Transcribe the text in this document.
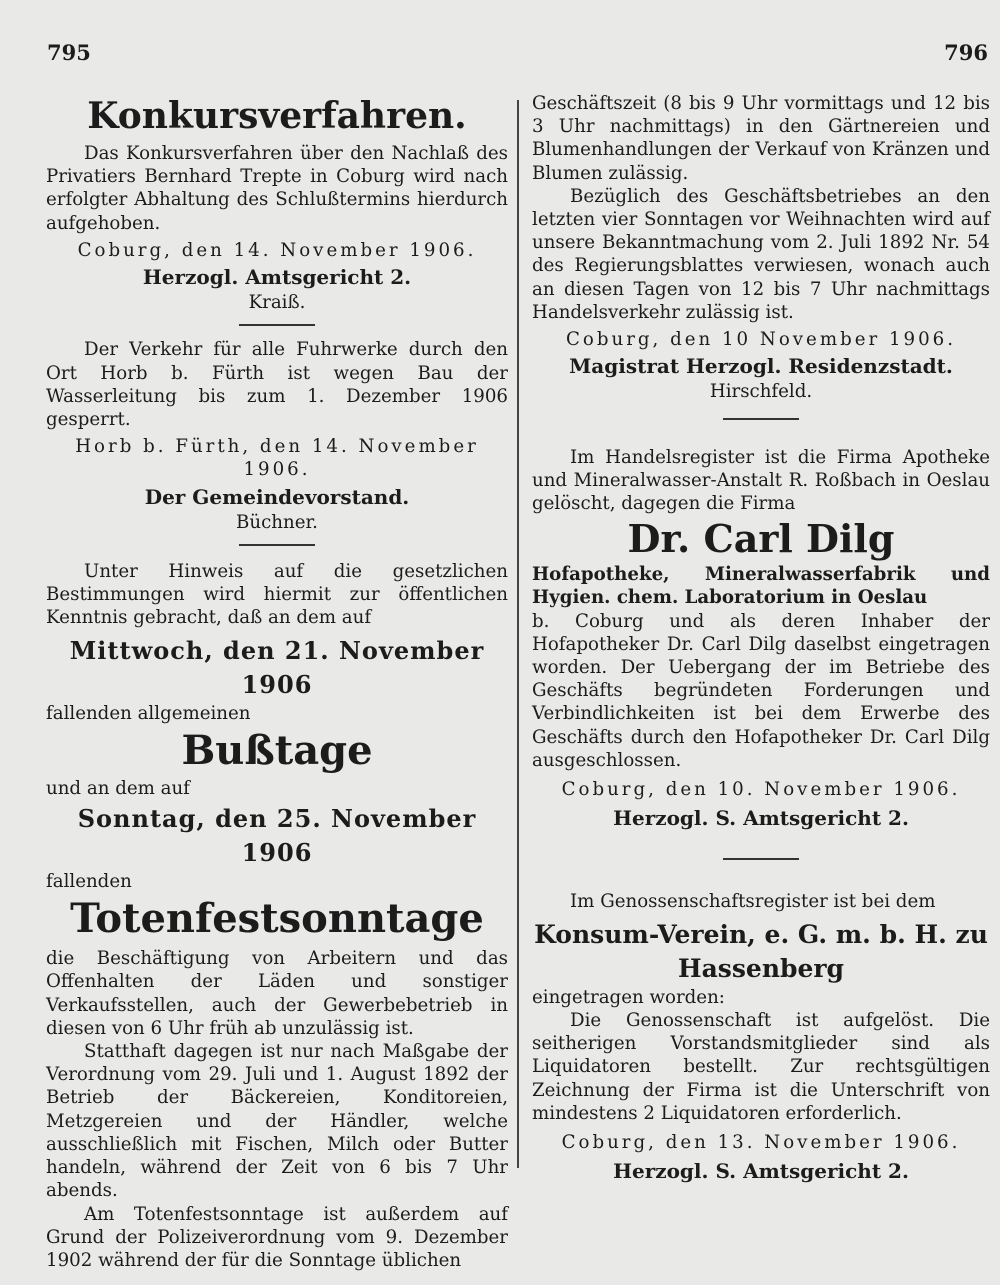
795	796
Konkursverfahren.

Das Konkursverfahren über den Nachlaß des Privatiers Bernhard Trepte in Coburg wird nach erfolgter Abhaltung des Schlußtermins hierdurch aufgehoben.

Coburg, den 14. November 1906.

Herzogl. Amtsgericht 2.

Kraiß.

Der Verkehr für alle Fuhrwerke durch den Ort Horb b. Fürth ist wegen Bau der Wasserleitung bis zum 1. Dezember 1906 gesperrt.

Horb b. Fürth, den 14. November 1906.

Der Gemeindevorstand.

Büchner.

Unter Hinweis auf die gesetzlichen Bestimmungen wird hiermit zur öffentlichen Kenntnis gebracht, daß an dem auf

Mittwoch, den 21. November 1906

fallenden allgemeinen

Bußtage

und an dem auf

Sonntag, den 25. November 1906

fallenden

Totenfestsonntage

die Beschäftigung von Arbeitern und das Offenhalten der Läden und sonstiger Verkaufsstellen, auch der Gewerbebetrieb in diesen von 6 Uhr früh ab unzulässig ist.

Statthaft dagegen ist nur nach Maßgabe der Verordnung vom 29. Juli und 1. August 1892 der Betrieb der Bäckereien, Konditoreien, Metzgereien und der Händler, welche ausschließlich mit Fischen, Milch oder Butter handeln, während der Zeit von 6 bis 7 Uhr abends.

Am Totenfestsonntage ist außerdem auf Grund der Polizeiverordnung vom 9. Dezember 1902 während der für die Sonntage üblichen

Geschäftszeit (8 bis 9 Uhr vormittags und 12 bis 3 Uhr nachmittags) in den Gärtnereien und Blumenhandlungen der Verkauf von Kränzen und Blumen zulässig.

Bezüglich des Geschäftsbetriebes an den letzten vier Sonntagen vor Weihnachten wird auf unsere Bekanntmachung vom 2. Juli 1892 Nr. 54 des Regierungsblattes verwiesen, wonach auch an diesen Tagen von 12 bis 7 Uhr nachmittags Handelsverkehr zulässig ist.

Coburg, den 10 November 1906.

Magistrat Herzogl. Residenzstadt.

Hirschfeld.

Im Handelsregister ist die Firma Apotheke und Mineralwasser-Anstalt R. Roßbach in Oeslau gelöscht, dagegen die Firma

Dr. Carl Dilg

Hofapotheke, Mineralwasserfabrik und Hygien. chem. Laboratorium in Oeslau

b. Coburg und als deren Inhaber der Hofapotheker Dr. Carl Dilg daselbst eingetragen worden. Der Uebergang der im Betriebe des Geschäfts begründeten Forderungen und Verbindlichkeiten ist bei dem Erwerbe des Geschäfts durch den Hofapotheker Dr. Carl Dilg ausgeschlossen.

Coburg, den 10. November 1906.

Herzogl. S. Amtsgericht 2.

Im Genossenschaftsregister ist bei dem

Konsum-Verein, e. G. m. b. H. zu Hassenberg

eingetragen worden:

Die Genossenschaft ist aufgelöst. Die seitherigen Vorstandsmitglieder sind als Liquidatoren bestellt. Zur rechtsgültigen Zeichnung der Firma ist die Unterschrift von mindestens 2 Liquidatoren erforderlich.

Coburg, den 13. November 1906.

Herzogl. S. Amtsgericht 2.
